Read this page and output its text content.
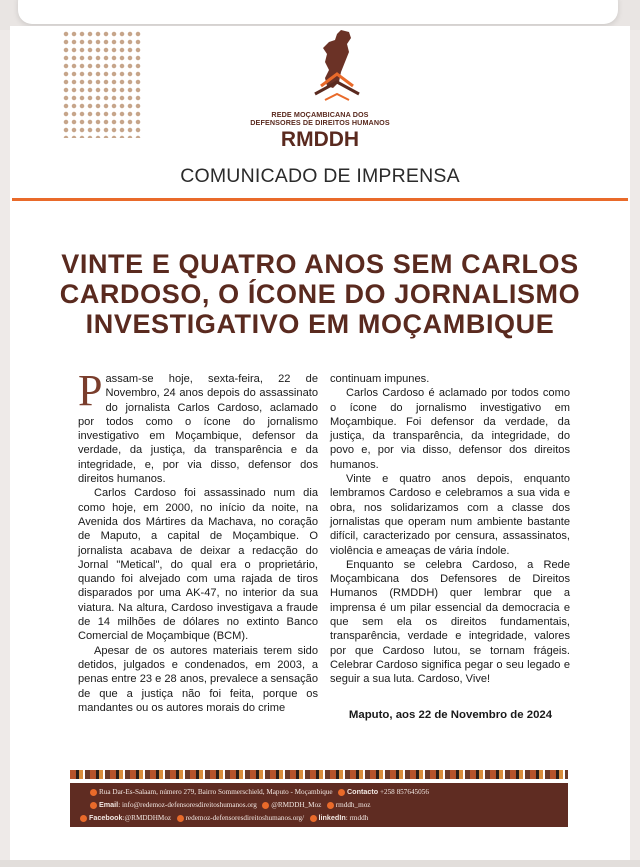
REDE MOÇAMBICANA DOS
DEFENSORES DE DIREITOS HUMANOS
RMDDH
COMUNICADO DE IMPRENSA
VINTE E QUATRO ANOS SEM CARLOS
CARDOSO, O ÍCONE DO JORNALISMO
INVESTIGATIVO EM MOÇAMBIQUE

Passam-se hoje, sexta-feira, 22 de Novembro, 24 anos depois do assassinato do jornalista Carlos Cardoso, aclamado por todos como o ícone do jornalismo investigativo em Moçambique, defensor da verdade, da justiça, da transparência e da integridade, e, por via disso, defensor dos direitos humanos.

Carlos Cardoso foi assassinado num dia como hoje, em 2000, no início da noite, na Avenida dos Mártires da Machava, no coração de Maputo, a capital de Moçambique. O jornalista acabava de deixar a redacção do Jornal "Metical", do qual era o proprietário, quando foi alvejado com uma rajada de tiros disparados por uma AK-47, no interior da sua viatura. Na altura, Cardoso investigava a fraude de 14 milhões de dólares no extinto Banco Comercial de Moçambique (BCM).

Apesar de os autores materiais terem sido detidos, julgados e condenados, em 2003, a penas entre 23 e 28 anos, prevalece a sensação de que a justiça não foi feita, porque os mandantes ou os autores morais do crime

continuam impunes.

Carlos Cardoso é aclamado por todos como o ícone do jornalismo investigativo em Moçambique. Foi defensor da verdade, da justiça, da transparência, da integridade, do povo e, por via disso, defensor dos direitos humanos.

Vinte e quatro anos depois, enquanto lembramos Cardoso e celebramos a sua vida e obra, nos solidarizamos com a classe dos jornalistas que operam num ambiente bastante difícil, caracterizado por censura, assassinatos, violência e ameaças de vária índole.

Enquanto se celebra Cardoso, a Rede Moçambicana dos Defensores de Direitos Humanos (RMDDH) quer lembrar que a imprensa é um pilar essencial da democracia e que sem ela os direitos fundamentais, transparência, verdade e integridade, valores por que Cardoso lutou, se tornam frágeis. Celebrar Cardoso significa pegar o seu legado e seguir a sua luta. Cardoso, Vive!

Maputo, aos 22 de Novembro de 2024
Rua Dar-Es-Salaam, número 279, Bairro Sommerschield, Maputo - Moçambique Contacto +258 857645056
Email: info@redemoz-defensoresdireitoshumanos.org @RMDDH_Moz rmddh_moz
Facebook:@RMDDHMoz redemoz-defensoresdireitoshumanos.org/ linkedIn: rmddh
